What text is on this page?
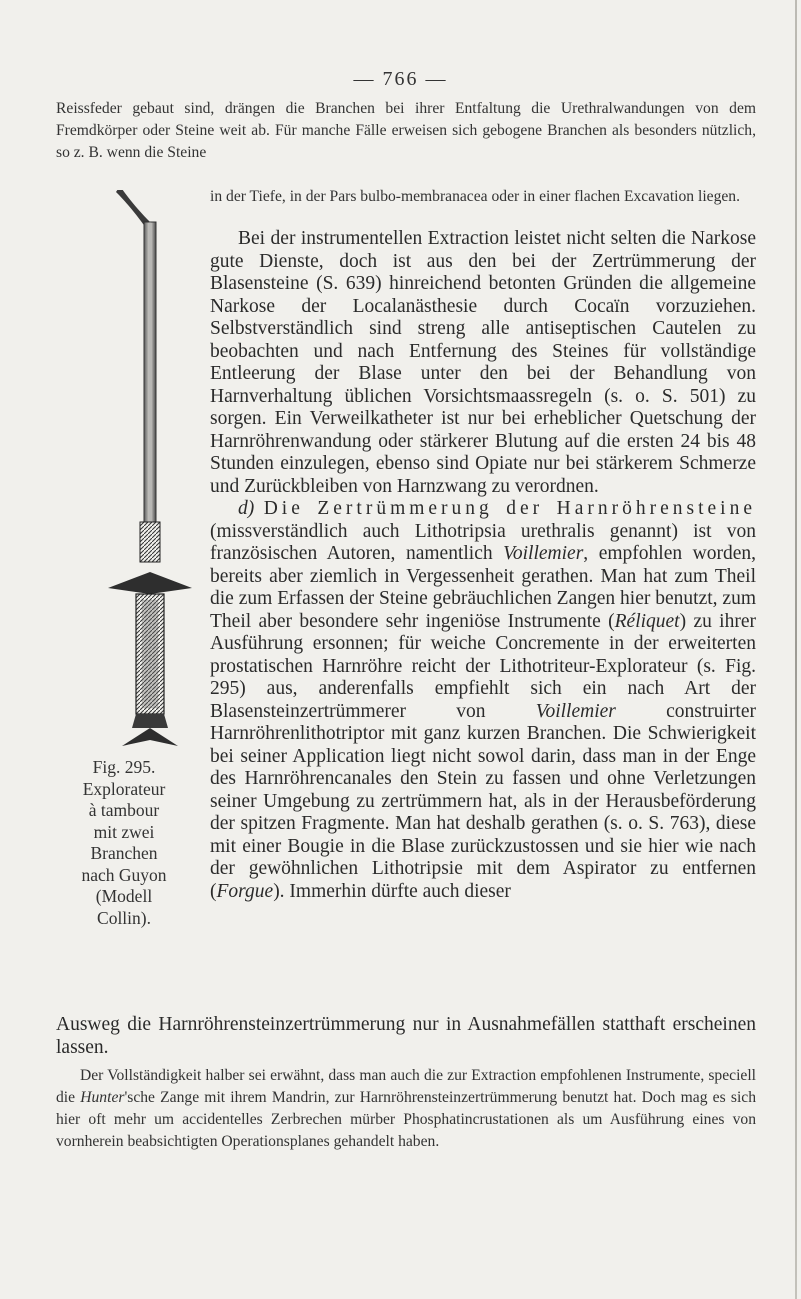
— 766 —
Reissfeder gebaut sind, drängen die Branchen bei ihrer Entfaltung die Urethralwandungen von dem Fremdkörper oder Steine weit ab. Für manche Fälle erweisen sich gebogene Branchen als besonders nützlich, so z. B. wenn die Steine
in der Tiefe, in der Pars bulbo-membranacea oder in einer flachen Excavation liegen.

Bei der instrumentellen Extraction leistet nicht selten die Narkose gute Dienste, doch ist aus den bei der Zertrümmerung der Blasensteine (S. 639) hinreichend betonten Gründen die allgemeine Narkose der Localanästhesie durch Cocaïn vorzuziehen. Selbstverständlich sind streng alle antiseptischen Cautelen zu beobachten und nach Entfernung des Steines für vollständige Entleerung der Blase unter den bei der Behandlung von Harnverhaltung üblichen Vorsichtsmaassregeln (s. o. S. 501) zu sorgen. Ein Verweilkatheter ist nur bei erheblicher Quetschung der Harnröhrenwandung oder stärkerer Blutung auf die ersten 24 bis 48 Stunden einzulegen, ebenso sind Opiate nur bei stärkerem Schmerze und Zurückbleiben von Harnzwang zu verordnen.

d) Die Zertrümmerung der Harnröhrensteine (missverständlich auch Lithotripsia urethralis genannt) ist von französischen Autoren, namentlich Voillemier, empfohlen worden, bereits aber ziemlich in Vergessenheit gerathen. Man hat zum Theil die zum Erfassen der Steine gebräuchlichen Zangen hier benutzt, zum Theil aber besondere sehr ingeniöse Instrumente (Réliquet) zu ihrer Ausführung ersonnen; für weiche Concremente in der erweiterten prostatischen Harnröhre reicht der Lithotriteur-Explorateur (s. Fig. 295) aus, anderenfalls empfiehlt sich ein nach Art der Blasensteinzertrümmerer von Voillemier construirter Harnröhrenlithotriptor mit ganz kurzen Branchen. Die Schwierigkeit bei seiner Application liegt nicht sowol darin, dass man in der Enge des Harnröhrencanales den Stein zu fassen und ohne Verletzungen seiner Umgebung zu zertrümmern hat, als in der Herausbeförderung der spitzen Fragmente. Man hat deshalb gerathen (s. o. S. 763), diese mit einer Bougie in die Blase zurückzustossen und sie hier wie nach der gewöhnlichen Lithotripsie mit dem Aspirator zu entfernen (Forgue). Immerhin dürfte auch dieser

Fig. 295.
Explorateur
à tambour
mit zwei
Branchen
nach Guyon
(Modell
Collin).
Ausweg die Harnröhrensteinzertrümmerung nur in Ausnahmefällen statthaft erscheinen lassen.
Der Vollständigkeit halber sei erwähnt, dass man auch die zur Extraction empfohlenen Instrumente, speciell die Hunter'sche Zange mit ihrem Mandrin, zur Harnröhrensteinzertrümmerung benutzt hat. Doch mag es sich hier oft mehr um accidentelles Zerbrechen mürber Phosphatincrustationen als um Ausführung eines von vornherein beabsichtigten Operationsplanes gehandelt haben.
